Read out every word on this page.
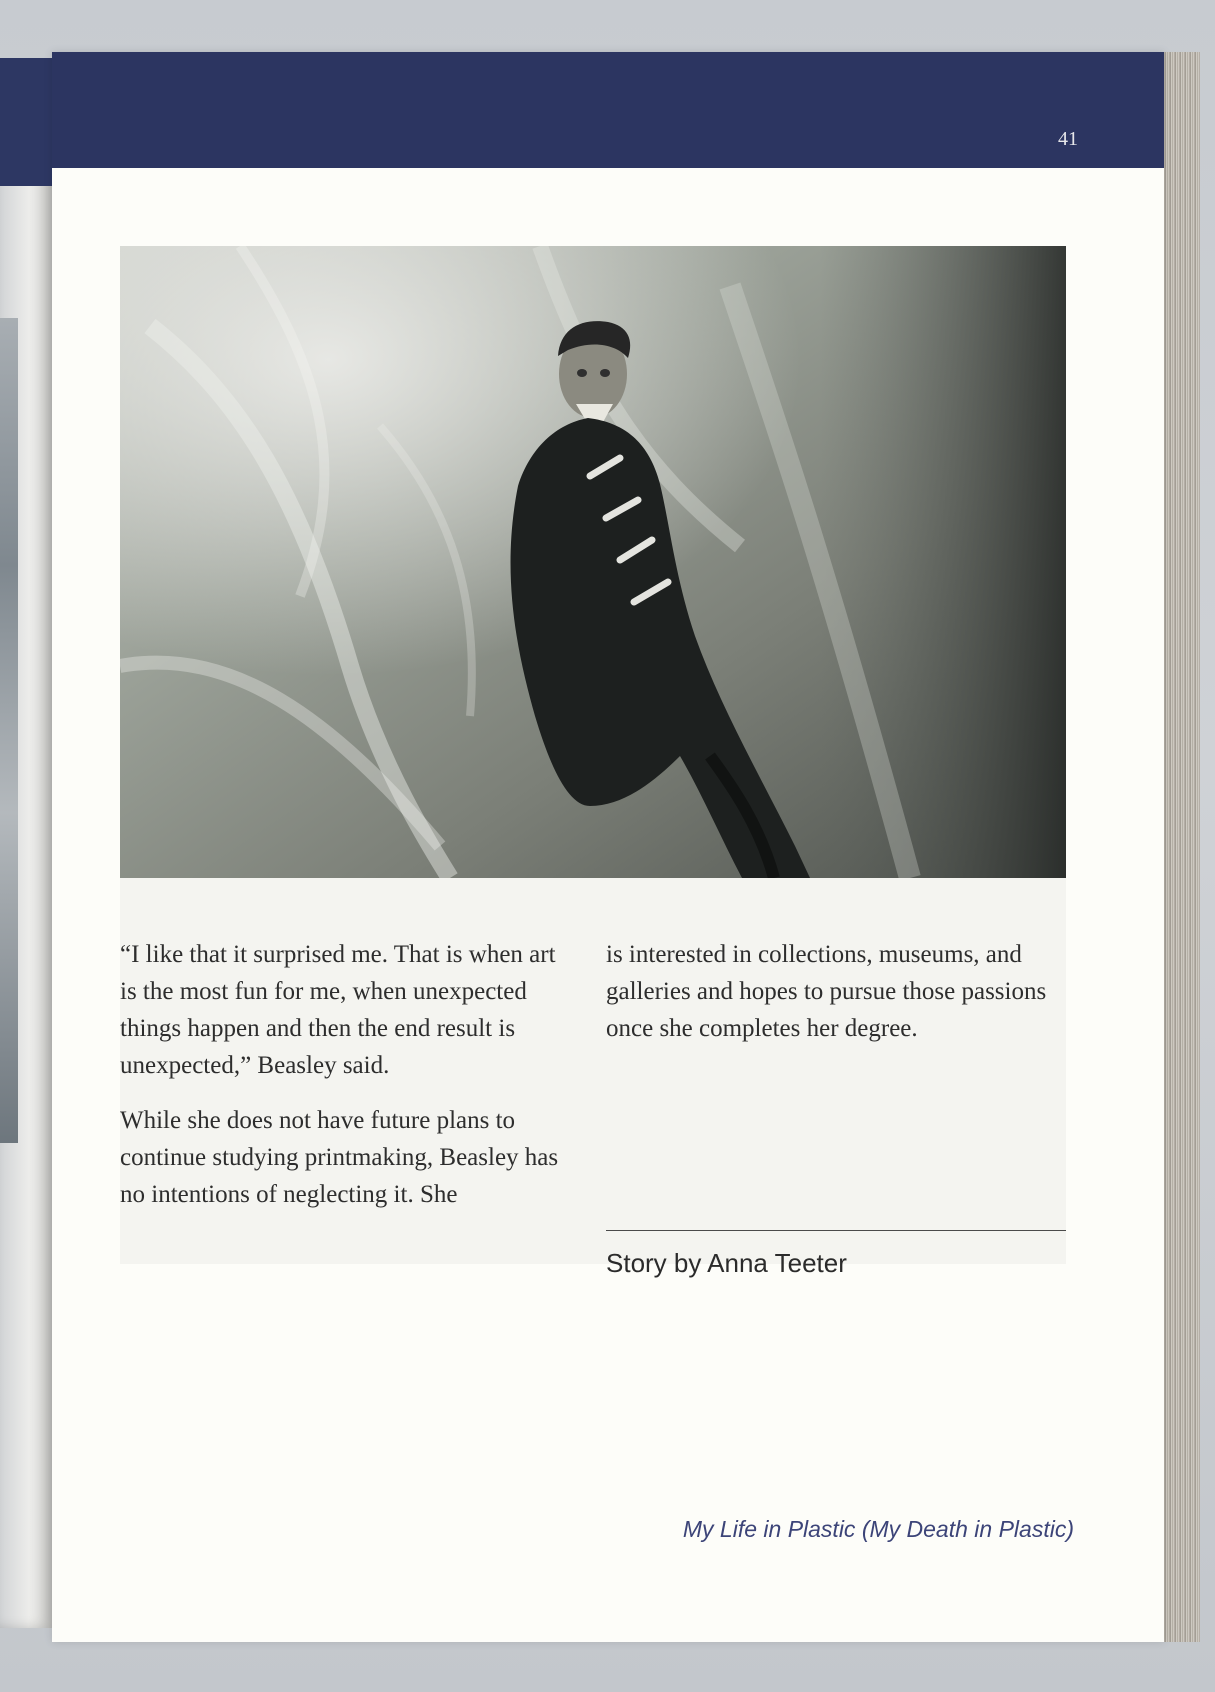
41

“I like that it surprised me. That is when art is the most fun for me, when unexpected things happen and then the end result is unexpected,” Beasley said.

While she does not have future plans to continue studying printmaking, Beasley has no intentions of neglecting it. She

is interested in collections, museums, and galleries and hopes to pursue those passions once she completes her degree.

Story by Anna Teeter
My Life in Plastic (My Death in Plastic)
